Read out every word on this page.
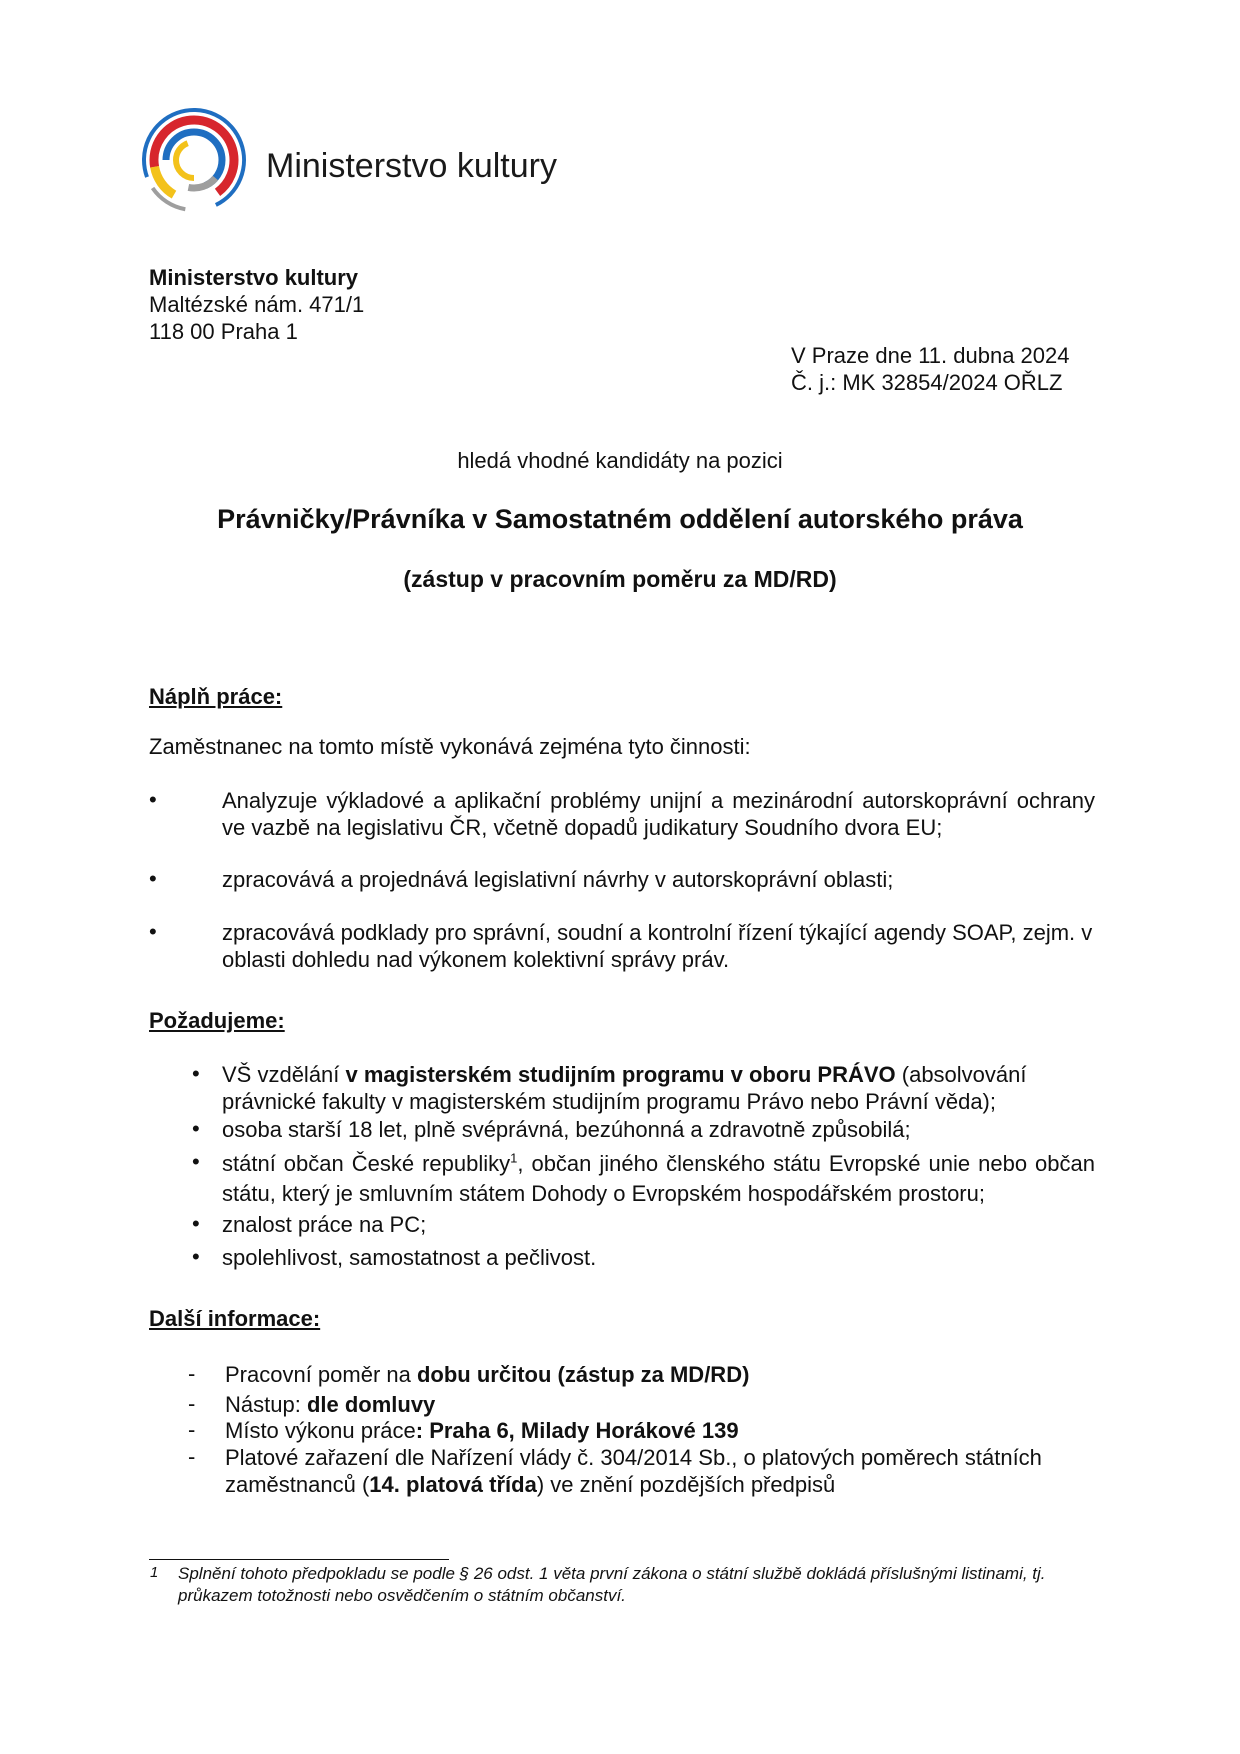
Ministerstvo kultury
Ministerstvo kultury
Maltézské nám. 471/1
118 00 Praha 1
V Praze dne 11. dubna 2024
Č. j.: MK 32854/2024 OŘLZ
hledá vhodné kandidáty na pozici
Právničky/Právníka v Samostatném oddělení autorského práva
(zástup v pracovním poměru za MD/RD)
Náplň práce:
Zaměstnanec na tomto místě vykonává zejména tyto činnosti:
•	Analyzuje výkladové a aplikační problémy unijní a mezinárodní autorskoprávní ochrany ve vazbě na legislativu ČR, včetně dopadů judikatury Soudního dvora EU;
•	zpracovává a projednává legislativní návrhy v autorskoprávní oblasti;
•	zpracovává podklady pro správní, soudní a kontrolní řízení týkající agendy SOAP, zejm. v oblasti dohledu nad výkonem kolektivní správy práv.
Požadujeme:
• VŠ vzdělání v magisterském studijním programu v oboru PRÁVO (absolvování právnické fakulty v magisterském studijním programu Právo nebo Právní věda);
• osoba starší 18 let, plně svéprávná, bezúhonná a zdravotně způsobilá;
• státní občan České republiky$^1$, občan jiného členského státu Evropské unie nebo občan státu, který je smluvním státem Dohody o Evropském hospodářském prostoru;
• znalost práce na PC;
• spolehlivost, samostatnost a pečlivost.
Další informace:
- Pracovní poměr na dobu určitou (zástup za MD/RD)
- Nástup: dle domluvy
- Místo výkonu práce: Praha 6, Milady Horákové 139
- Platové zařazení dle Nařízení vlády č. 304/2014 Sb., o platových poměrech státních zaměstnanců (14. platová třída) ve znění pozdějších předpisů
1 Splnění tohoto předpokladu se podle § 26 odst. 1 věta první zákona o státní službě dokládá příslušnými listinami, tj. průkazem totožnosti nebo osvědčením o státním občanství.
